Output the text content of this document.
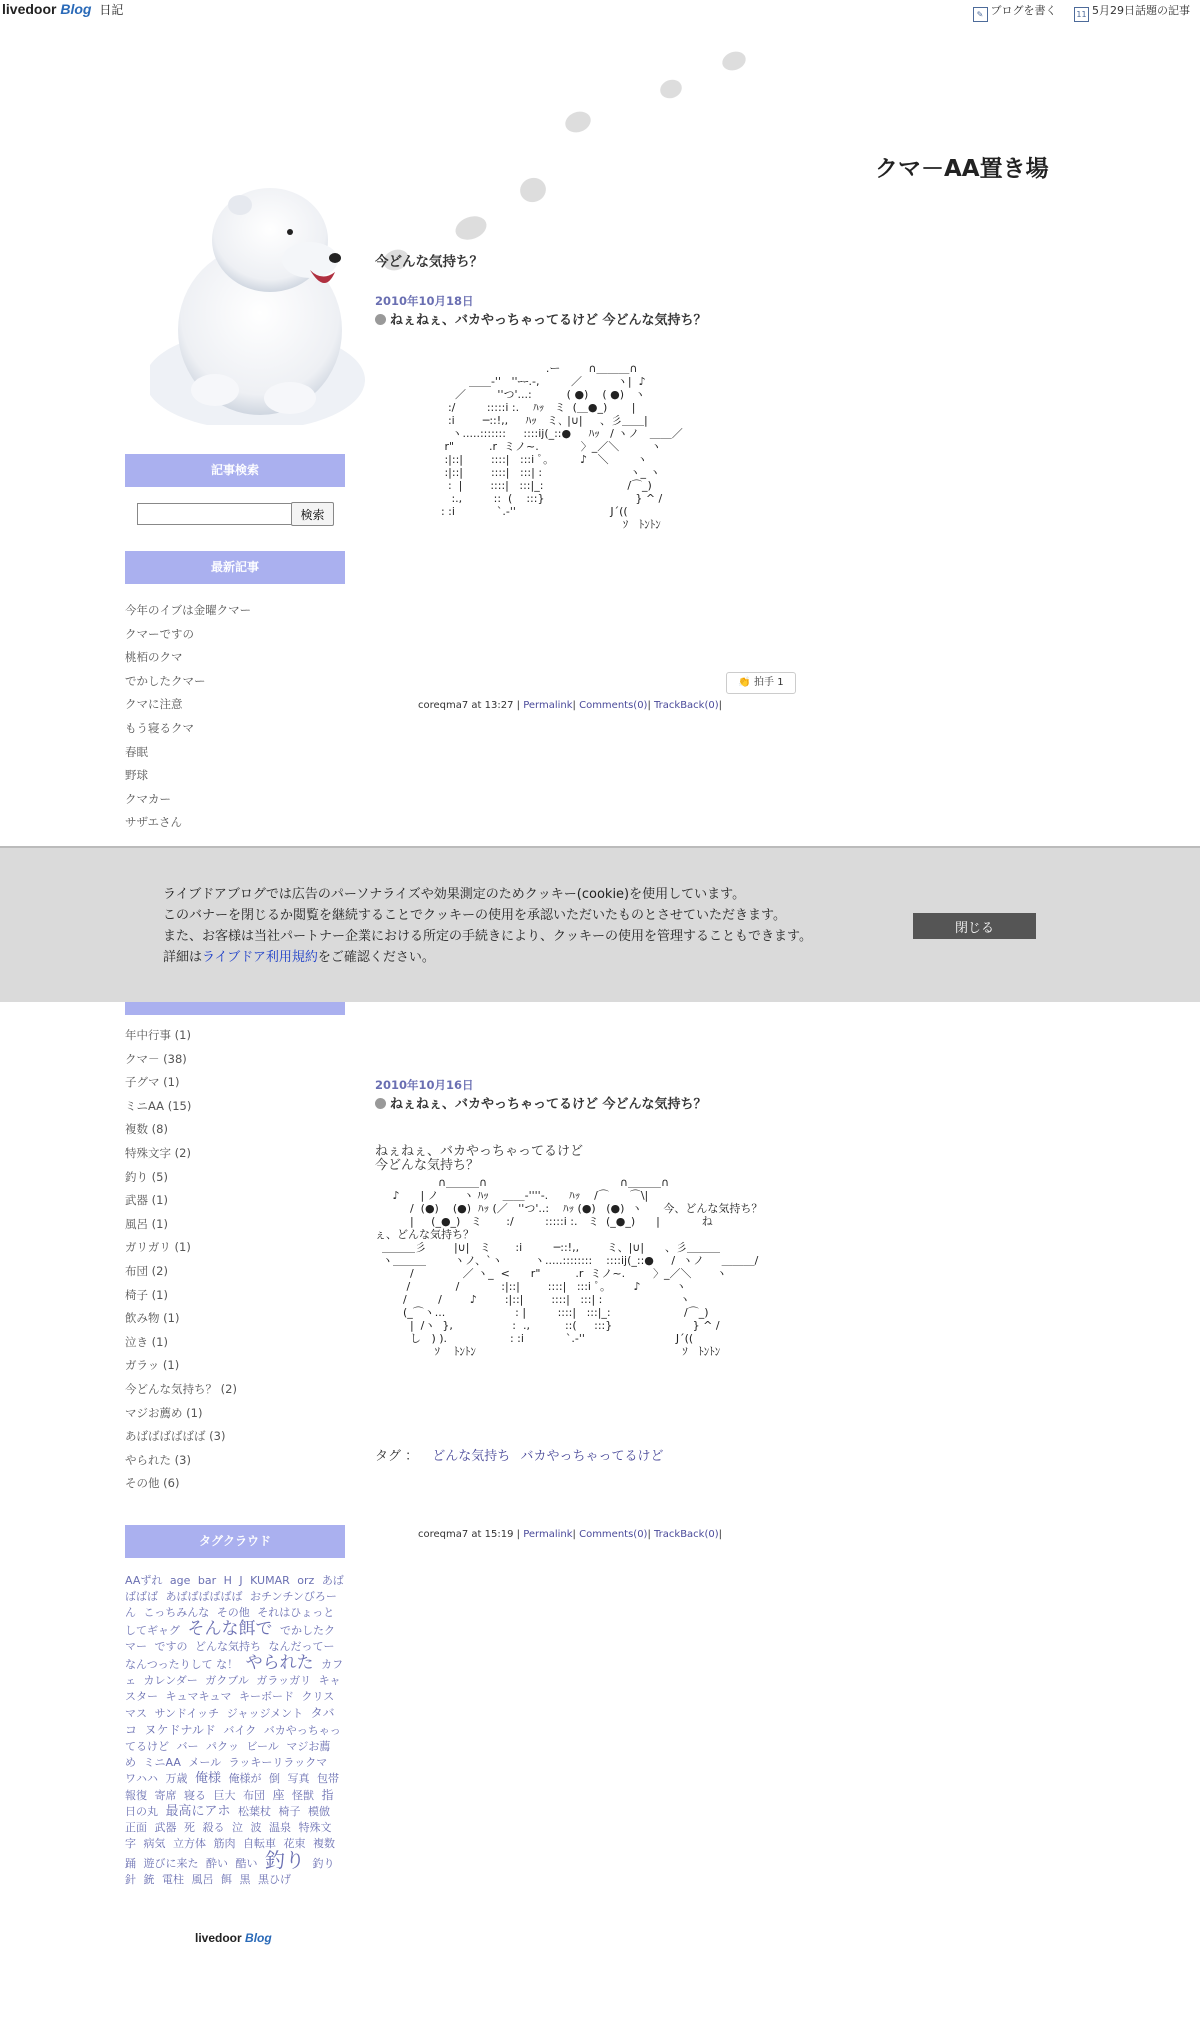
livedoor Blog 日記	✎ ブログを書く 11 5月29日話題の記事
クマ－AA置き場
記事検索
検索
最新記事
今年のイブは金曜クマー
クマーですの
桃栢のクマ
でかしたクマー
クマに注意
もう寝るクマ
春眠
野球
クマカー
サザエさん
年中行事 (1)
クマ－ (38)
子グマ (1)
ミニAA (15)
複数 (8)
特殊文字 (2)
釣り (5)
武器 (1)
風呂 (1)
ガリガリ (1)
布団 (2)
椅子 (1)
飲み物 (1)
泣き (1)
ガラッ (1)
今どんな気持ち？ (2)
マジお薦め (1)
あばばばばばば (3)
やられた (3)
その他 (6)
タグクラウド
AAずれ age bar H J KUMAR orz あばばばば あばばばばばば おチンチンびろーん こっちみんな その他 それはひょっとしてギャグ そんな餌で でかしたクマー ですの どんな気持ち なんだってー なんつったりして な！ やられた カフェ カレンダー ガクブル ガラッガリ キャスター キュマキュマ キーボード クリスマス サンドイッチ ジャッジメント タバコ ヌケドナルド バイク バカやっちゃってるけど バー パクッ ビール マジお薦め ミニAA メール ラッキーリラックマ ワハハ 万歳 俺様 俺様が 倒 写真 包帯 報復 寄席 寝る 巨大 布団 座 怪獣 指 日の丸 最高にアホ 松葉杖 椅子 模倣 正面 武器 死 殺る 泣 波 温泉 特殊文字 病気 立方体 筋肉 自転車 花束 複数 踊 遊びに来た 酔い 酷い 釣り 釣り針 銃 電柱 風呂 餌 黒 黒ひげ
今どんな気持ち？
2010年10月18日
ねぇねぇ、バカやっちゃってるけど 今どんな気持ち？
.ー        ∩＿＿＿∩
＿＿-''   ''ｰｰ.-,         ／          ヽ|  ♪
／         ''つ'...:          ( ●)    ( ●)   ヽ
:/         :::::i :.    ﾊｯ   ミ  (＿●_)       |
:i        ─::!,,     ﾊｯ   ミ､ |∪|     、彡＿＿|
ヽ.....:::::::     ::::ij(_::●     ﾊｯ   / ヽノ   ＿＿／
r"          .r  ミノ~.            〉_／＼         ヽ
:|::|        ::::|   :::i ﾟ｡         ♪   ＼        ヽ
:|::|        ::::|   :::| :                         ヽ_ ヽ
:  |        ::::|   :::|_:                        /⌒_)
:.,         ::  (    :::}                          } ^ /
: :i            `.-''                           J´((
ｿ   ﾄﾝﾄﾝ
👏 拍手 1
coreqma7 at 13:27 | Permalink| Comments(0)| TrackBack(0)|
2010年10月16日
ねぇねぇ、バカやっちゃってるけど 今どんな気持ち？
ねぇねぇ、バカやっちゃってるけど
今どんな気持ち？
∩＿＿＿∩                                      ∩＿＿＿∩
♪      | ノ       ヽ ﾊｯ    ＿＿-''''-.      ﾊｯ    /⌒      ⌒\|
/  (●)    (●)  ﾊｯ (／   ''つ'..:    ﾊｯ (●)   (●)  ヽ      今、どんな気持ち？
|     (_●_)   ミ       :/         :::::i :.   ミ  (_●_)      |            ね
ぇ、どんな気持ち？
＿＿＿彡        |∪|   ミ       :i         ─::!,,        ミ、|∪|      、彡＿＿＿
ヽ＿＿＿        ヽノ、`ヽ         ヽ.....::::::::    ::::ij(_::●     /  ヽノ     ＿＿＿/
/              ／ ヽ_  <      r"          .r  ミノ~.        〉_／＼       ヽ
/             /            :|::|        ::::|   :::i ﾟ｡        ♪          ヽ
/         /        ♪        :|::|        ::::|   :::| :                      ヽ
(_⌒ヽ...                    : |         ::::|   :::|_:                     /⌒_)
|  /ヽ  },                 :  .,          ::(     :::}                       } ^ /
し   ) ).                  : :i            `.-''                          J´((
ｿ    ﾄﾝﾄﾝ                                                           ｿ   ﾄﾝﾄﾝ
タグ ： どんな気持ち バカやっちゃってるけど
coreqma7 at 15:19 | Permalink| Comments(0)| TrackBack(0)|
livedoor Blog
ライブドアブログでは広告のパーソナライズや効果測定のためクッキー(cookie)を使用しています。
このバナーを閉じるか閲覧を継続することでクッキーの使用を承認いただいたものとさせていただきます。
また、お客様は当社パートナー企業における所定の手続きにより、クッキーの使用を管理することもできます。
詳細はライブドア利用規約をご確認ください。
閉じる
